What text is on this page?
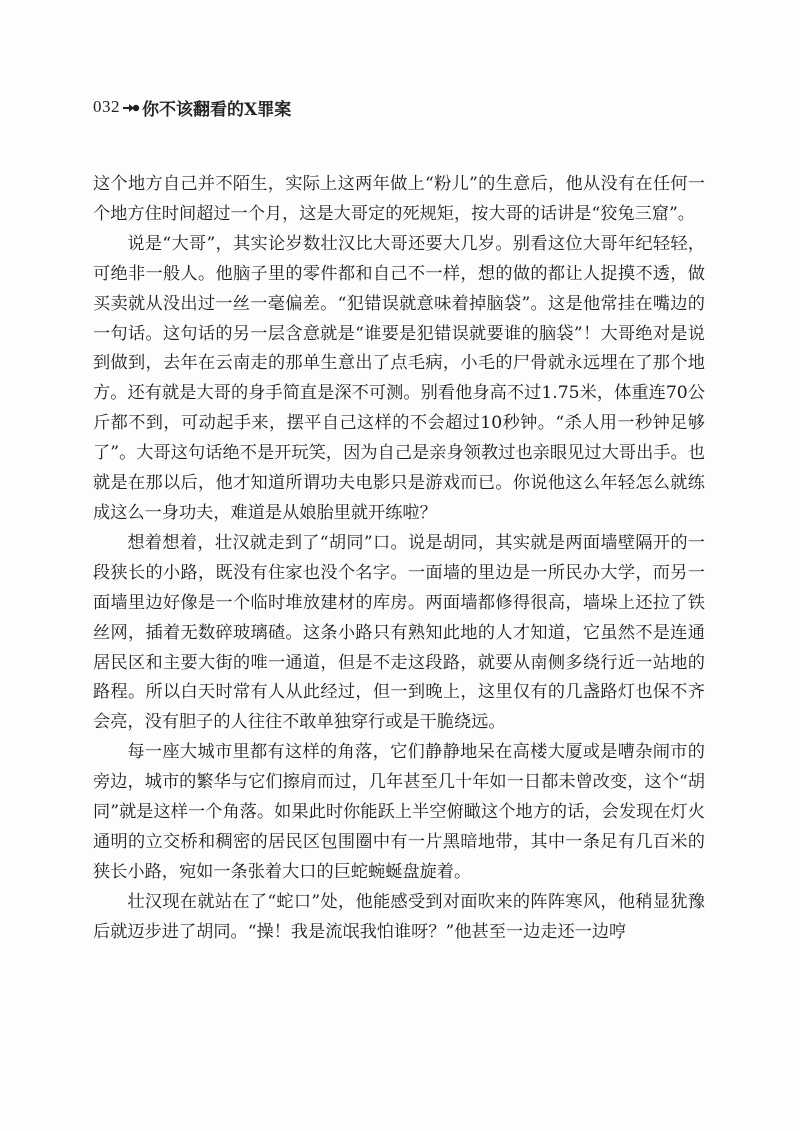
032 你不该翻看的X罪案

这个地方自己并不陌生，实际上这两年做上“粉儿”的生意后，他从没有在任何一个地方住时间超过一个月，这是大哥定的死规矩，按大哥的话讲是“狡兔三窟”。

说是“大哥”，其实论岁数壮汉比大哥还要大几岁。别看这位大哥年纪轻轻，可绝非一般人。他脑子里的零件都和自己不一样，想的做的都让人捉摸不透，做买卖就从没出过一丝一毫偏差。“犯错误就意味着掉脑袋”。这是他常挂在嘴边的一句话。这句话的另一层含意就是“谁要是犯错误就要谁的脑袋”！大哥绝对是说到做到，去年在云南走的那单生意出了点毛病，小毛的尸骨就永远埋在了那个地方。还有就是大哥的身手简直是深不可测。别看他身高不过1.75米，体重连70公斤都不到，可动起手来，摆平自己这样的不会超过10秒钟。“杀人用一秒钟足够了”。大哥这句话绝不是开玩笑，因为自己是亲身领教过也亲眼见过大哥出手。也就是在那以后，他才知道所谓功夫电影只是游戏而已。你说他这么年轻怎么就练成这么一身功夫，难道是从娘胎里就开练啦？

想着想着，壮汉就走到了“胡同”口。说是胡同，其实就是两面墙壁隔开的一段狭长的小路，既没有住家也没个名字。一面墙的里边是一所民办大学，而另一面墙里边好像是一个临时堆放建材的库房。两面墙都修得很高，墙垛上还拉了铁丝网，插着无数碎玻璃碴。这条小路只有熟知此地的人才知道，它虽然不是连通居民区和主要大街的唯一通道，但是不走这段路，就要从南侧多绕行近一站地的路程。所以白天时常有人从此经过，但一到晚上，这里仅有的几盏路灯也保不齐会亮，没有胆子的人往往不敢单独穿行或是干脆绕远。

每一座大城市里都有这样的角落，它们静静地呆在高楼大厦或是嘈杂闹市的旁边，城市的繁华与它们擦肩而过，几年甚至几十年如一日都未曾改变，这个“胡同”就是这样一个角落。如果此时你能跃上半空俯瞰这个地方的话，会发现在灯火通明的立交桥和稠密的居民区包围圈中有一片黑暗地带，其中一条足有几百米的狭长小路，宛如一条张着大口的巨蛇蜿蜒盘旋着。

壮汉现在就站在了“蛇口”处，他能感受到对面吹来的阵阵寒风，他稍显犹豫后就迈步进了胡同。“操！我是流氓我怕谁呀？”他甚至一边走还一边哼
